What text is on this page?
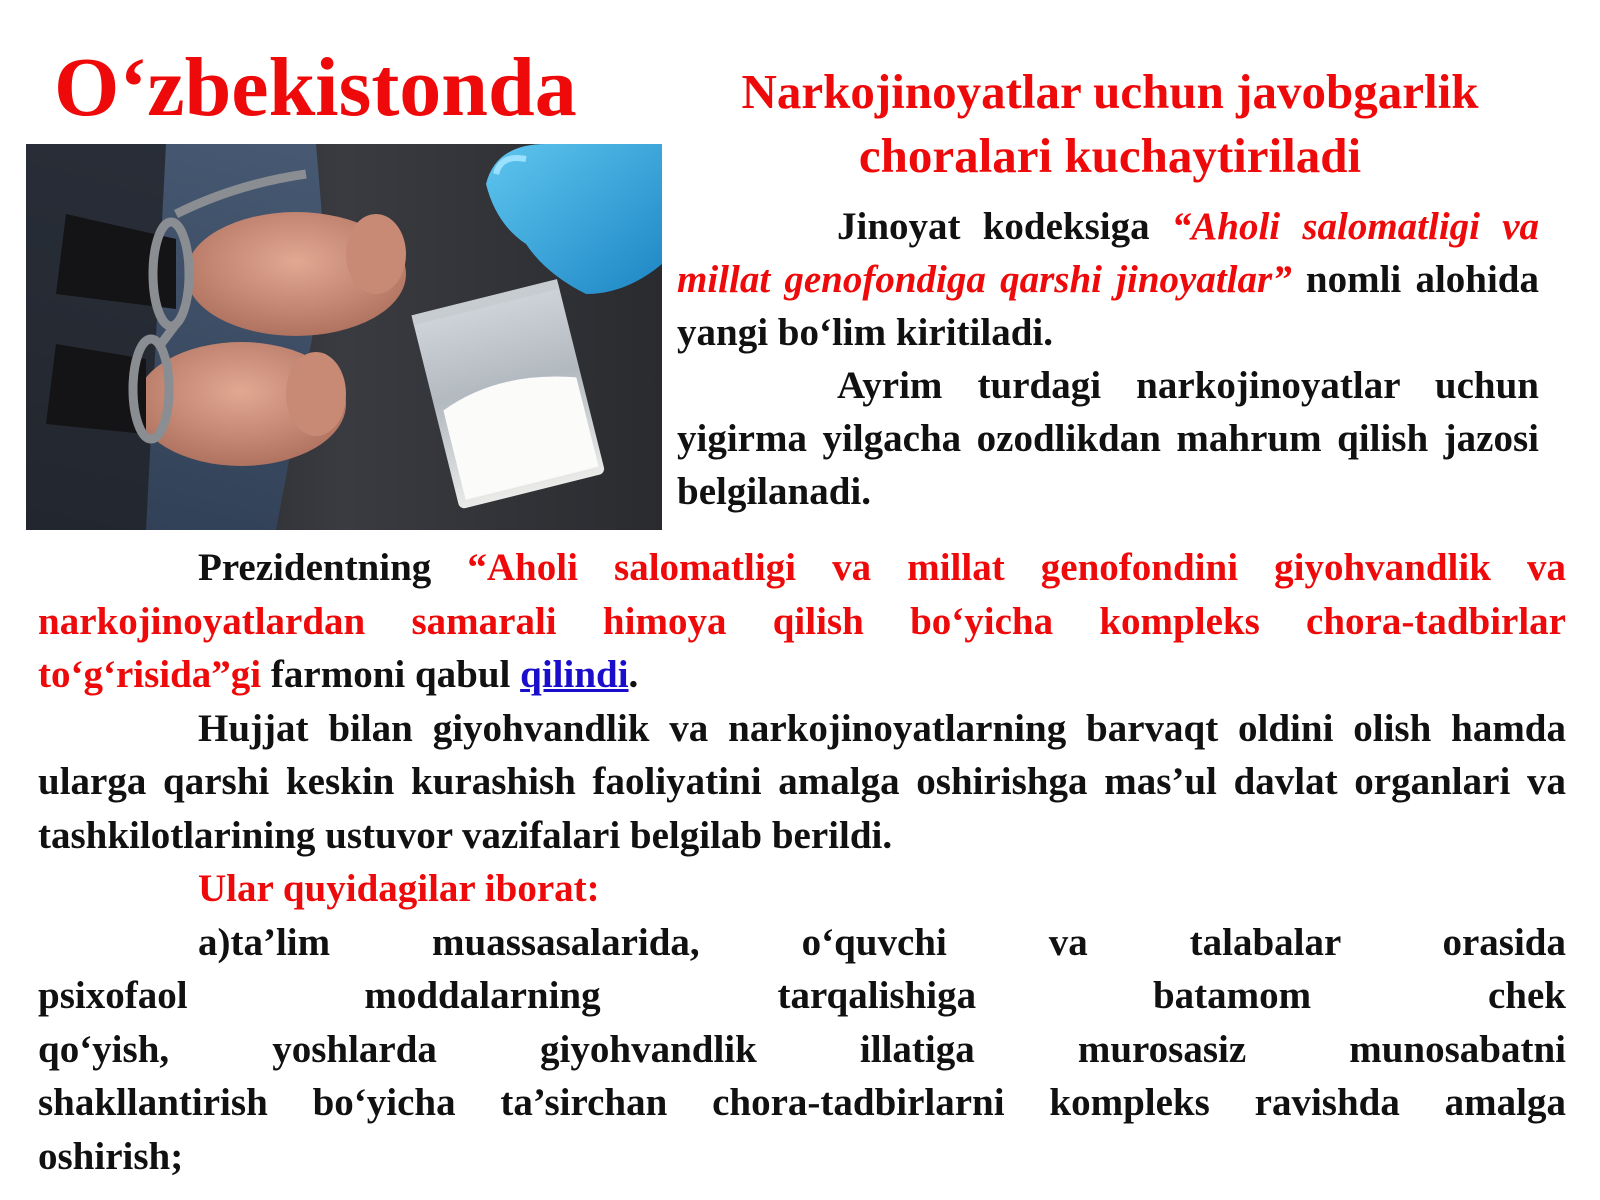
O‘zbekistonda	Narkojinoyatlar uchun javobgarlik choralari kuchaytiriladi

Jinoyat kodeksiga “Aholi salomatligi va millat genofondiga qarshi jinoyatlar” nomli alohida yangi bo‘lim kiritiladi.

Ayrim turdagi narkojinoyatlar uchun yigirma yilgacha ozodlikdan mahrum qilish jazosi belgilanadi.

Prezidentning “Aholi salomatligi va millat genofondini giyohvandlik va narkojinoyatlardan samarali himoya qilish bo‘yicha kompleks chora-tadbirlar to‘g‘risida”gi farmoni qabul qilindi.

Hujjat bilan giyohvandlik va narkojinoyatlarning barvaqt oldini olish hamda ularga qarshi keskin kurashish faoliyatini amalga oshirishga mas’ul davlat organlari va tashkilotlarining ustuvor vazifalari belgilab berildi.

Ular quyidagilar iborat:

a)ta’lim	muassasalarida, o‘quvchi va talabalar orasida

psixofaol moddalarning	tarqalishiga batamom	chek

qo‘yish, yoshlarda giyohvandlik	illatiga murosasiz	munosabatni

shakllantirish bo‘yicha ta’sirchan chora-tadbirlarni kompleks ravishda amalga

oshirish;
